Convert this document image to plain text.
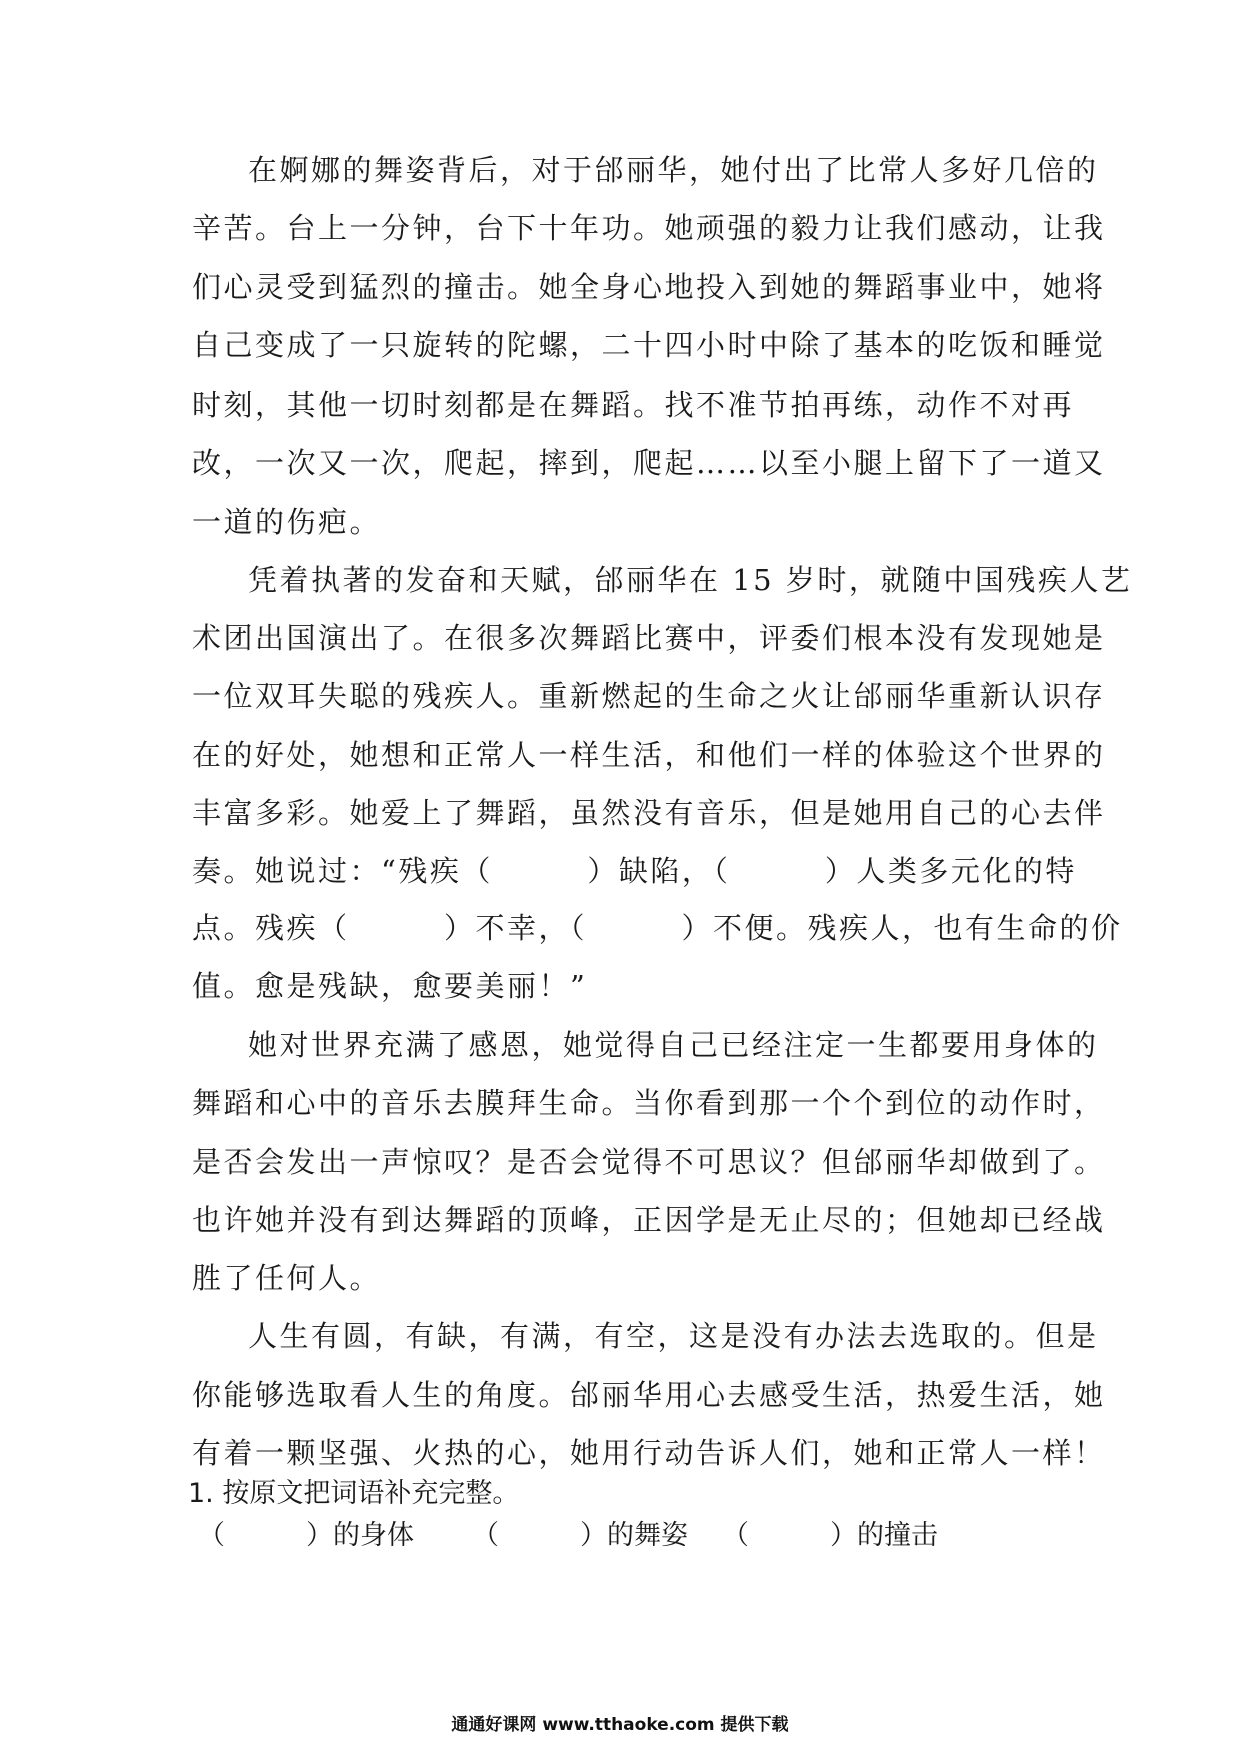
在婀娜的舞姿背后，对于邰丽华，她付出了比常人多好几倍的
辛苦。台上一分钟，台下十年功。她顽强的毅力让我们感动，让我
们心灵受到猛烈的撞击。她全身心地投入到她的舞蹈事业中，她将
自己变成了一只旋转的陀螺，二十四小时中除了基本的吃饭和睡觉
时刻，其他一切时刻都是在舞蹈。找不准节拍再练，动作不对再
改，一次又一次，爬起，摔到，爬起……以至小腿上留下了一道又
一道的伤疤。
凭着执著的发奋和天赋，邰丽华在 15 岁时，就随中国残疾人艺
术团出国演出了。在很多次舞蹈比赛中，评委们根本没有发现她是
一位双耳失聪的残疾人。重新燃起的生命之火让邰丽华重新认识存
在的好处，她想和正常人一样生活，和他们一样的体验这个世界的
丰富多彩。她爱上了舞蹈，虽然没有音乐，但是她用自己的心去伴
奏。她说过：“残疾（　　　）缺陷，（　　　）人类多元化的特
点。残疾（　　　）不幸，（　　　）不便。残疾人，也有生命的价
值。愈是残缺，愈要美丽！”
她对世界充满了感恩，她觉得自己已经注定一生都要用身体的
舞蹈和心中的音乐去膜拜生命。当你看到那一个个到位的动作时，
是否会发出一声惊叹？是否会觉得不可思议？但邰丽华却做到了。
也许她并没有到达舞蹈的顶峰，正因学是无止尽的；但她却已经战
胜了任何人。
人生有圆，有缺，有满，有空，这是没有办法去选取的。但是
你能够选取看人生的角度。邰丽华用心去感受生活，热爱生活，她
有着一颗坚强、火热的心，她用行动告诉人们，她和正常人一样！
1. 按原文把词语补充完整。
（　　　）的身体 （　　　）的舞姿 （　　　）的撞击
通通好课网 www.tthaoke.com 提供下载
